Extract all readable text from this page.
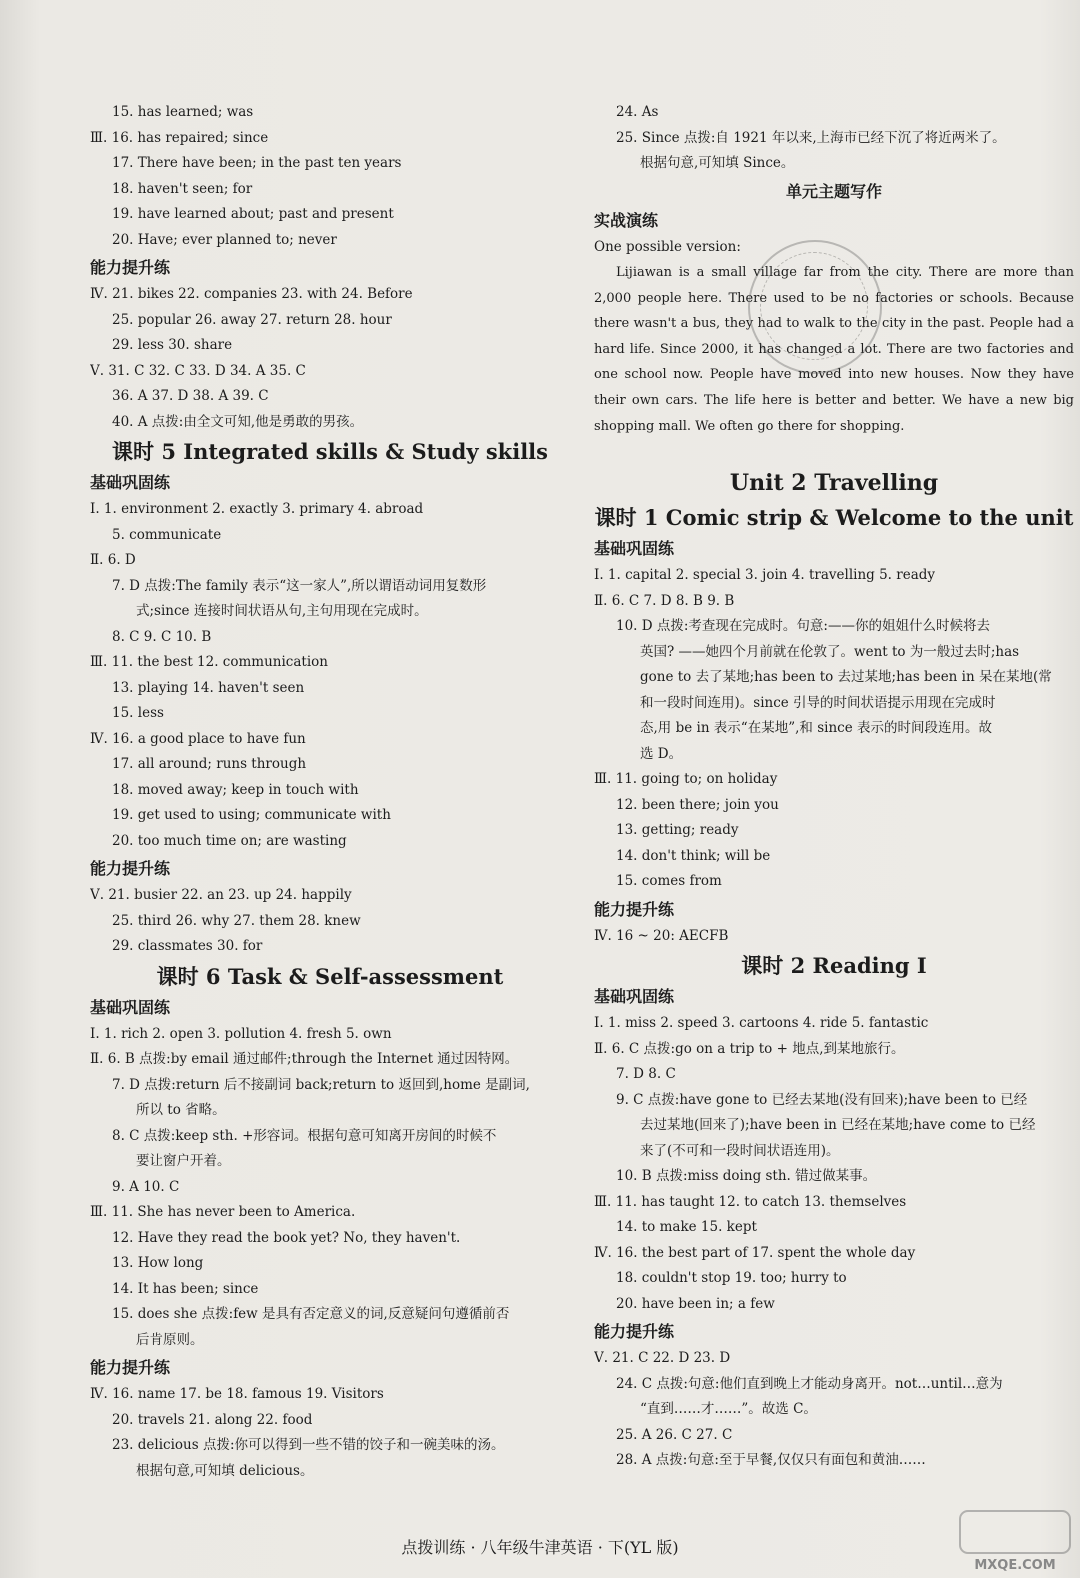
15. has learned; was
Ⅲ. 16. has repaired; since
17. There have been; in the past ten years
18. haven't seen; for
19. have learned about; past and present
20. Have; ever planned to; never
能力提升练
Ⅳ. 21. bikes 22. companies 23. with 24. Before
25. popular 26. away 27. return 28. hour
29. less 30. share
Ⅴ. 31. C 32. C 33. D 34. A 35. C
36. A 37. D 38. A 39. C
40. A 点拨:由全文可知,他是勇敢的男孩。
课时 5 Integrated skills & Study skills
基础巩固练
Ⅰ. 1. environment 2. exactly 3. primary 4. abroad
5. communicate
Ⅱ. 6. D
7. D 点拨:The family 表示“这一家人”,所以谓语动词用复数形
式;since 连接时间状语从句,主句用现在完成时。
8. C 9. C 10. B
Ⅲ. 11. the best 12. communication
13. playing 14. haven't seen
15. less
Ⅳ. 16. a good place to have fun
17. all around; runs through
18. moved away; keep in touch with
19. get used to using; communicate with
20. too much time on; are wasting
能力提升练
Ⅴ. 21. busier 22. an 23. up 24. happily
25. third 26. why 27. them 28. knew
29. classmates 30. for
课时 6 Task & Self-assessment
基础巩固练
Ⅰ. 1. rich 2. open 3. pollution 4. fresh 5. own
Ⅱ. 6. B 点拨:by email 通过邮件;through the Internet 通过因特网。
7. D 点拨:return 后不接副词 back;return to 返回到,home 是副词,
所以 to 省略。
8. C 点拨:keep sth. +形容词。根据句意可知离开房间的时候不
要让窗户开着。
9. A 10. C
Ⅲ. 11. She has never been to America.
12. Have they read the book yet? No, they haven't.
13. How long
14. It has been; since
15. does she 点拨:few 是具有否定意义的词,反意疑问句遵循前否
后肯原则。
能力提升练
Ⅳ. 16. name 17. be 18. famous 19. Visitors
20. travels 21. along 22. food
23. delicious 点拨:你可以得到一些不错的饺子和一碗美味的汤。
根据句意,可知填 delicious。
24. As
25. Since 点拨:自 1921 年以来,上海市已经下沉了将近两米了。
根据句意,可知填 Since。
单元主题写作
实战演练
One possible version:
Lijiawan is a small village far from the city. There are more than 2,000 people here. There used to be no factories or schools. Because there wasn't a bus, they had to walk to the city in the past. People had a hard life. Since 2000, it has changed a lot. There are two factories and one school now. People have moved into new houses. Now they have their own cars. The life here is better and better. We have a new big shopping mall. We often go there for shopping.
Unit 2 Travelling
课时 1 Comic strip & Welcome to the unit
基础巩固练
Ⅰ. 1. capital 2. special 3. join 4. travelling 5. ready
Ⅱ. 6. C 7. D 8. B 9. B
10. D 点拨:考查现在完成时。句意:——你的姐姐什么时候将去
英国? ——她四个月前就在伦敦了。went to 为一般过去时;has
gone to 去了某地;has been to 去过某地;has been in 呆在某地(常
和一段时间连用)。since 引导的时间状语提示用现在完成时
态,用 be in 表示“在某地”,和 since 表示的时间段连用。故
选 D。
Ⅲ. 11. going to; on holiday
12. been there; join you
13. getting; ready
14. don't think; will be
15. comes from
能力提升练
Ⅳ. 16 ~ 20: AECFB
课时 2 Reading Ⅰ
基础巩固练
Ⅰ. 1. miss 2. speed 3. cartoons 4. ride 5. fantastic
Ⅱ. 6. C 点拨:go on a trip to + 地点,到某地旅行。
7. D 8. C
9. C 点拨:have gone to 已经去某地(没有回来);have been to 已经
去过某地(回来了);have been in 已经在某地;have come to 已经
来了(不可和一段时间状语连用)。
10. B 点拨:miss doing sth. 错过做某事。
Ⅲ. 11. has taught 12. to catch 13. themselves
14. to make 15. kept
Ⅳ. 16. the best part of 17. spent the whole day
18. couldn't stop 19. too; hurry to
20. have been in; a few
能力提升练
Ⅴ. 21. C 22. D 23. D
24. C 点拨:句意:他们直到晚上才能动身离开。not…until…意为
“直到……才……”。故选 C。
25. A 26. C 27. C
28. A 点拨:句意:至于早餐,仅仅只有面包和黄油……
点拨训练 · 八年级牛津英语 · 下(YL 版)
MXQE.COM
